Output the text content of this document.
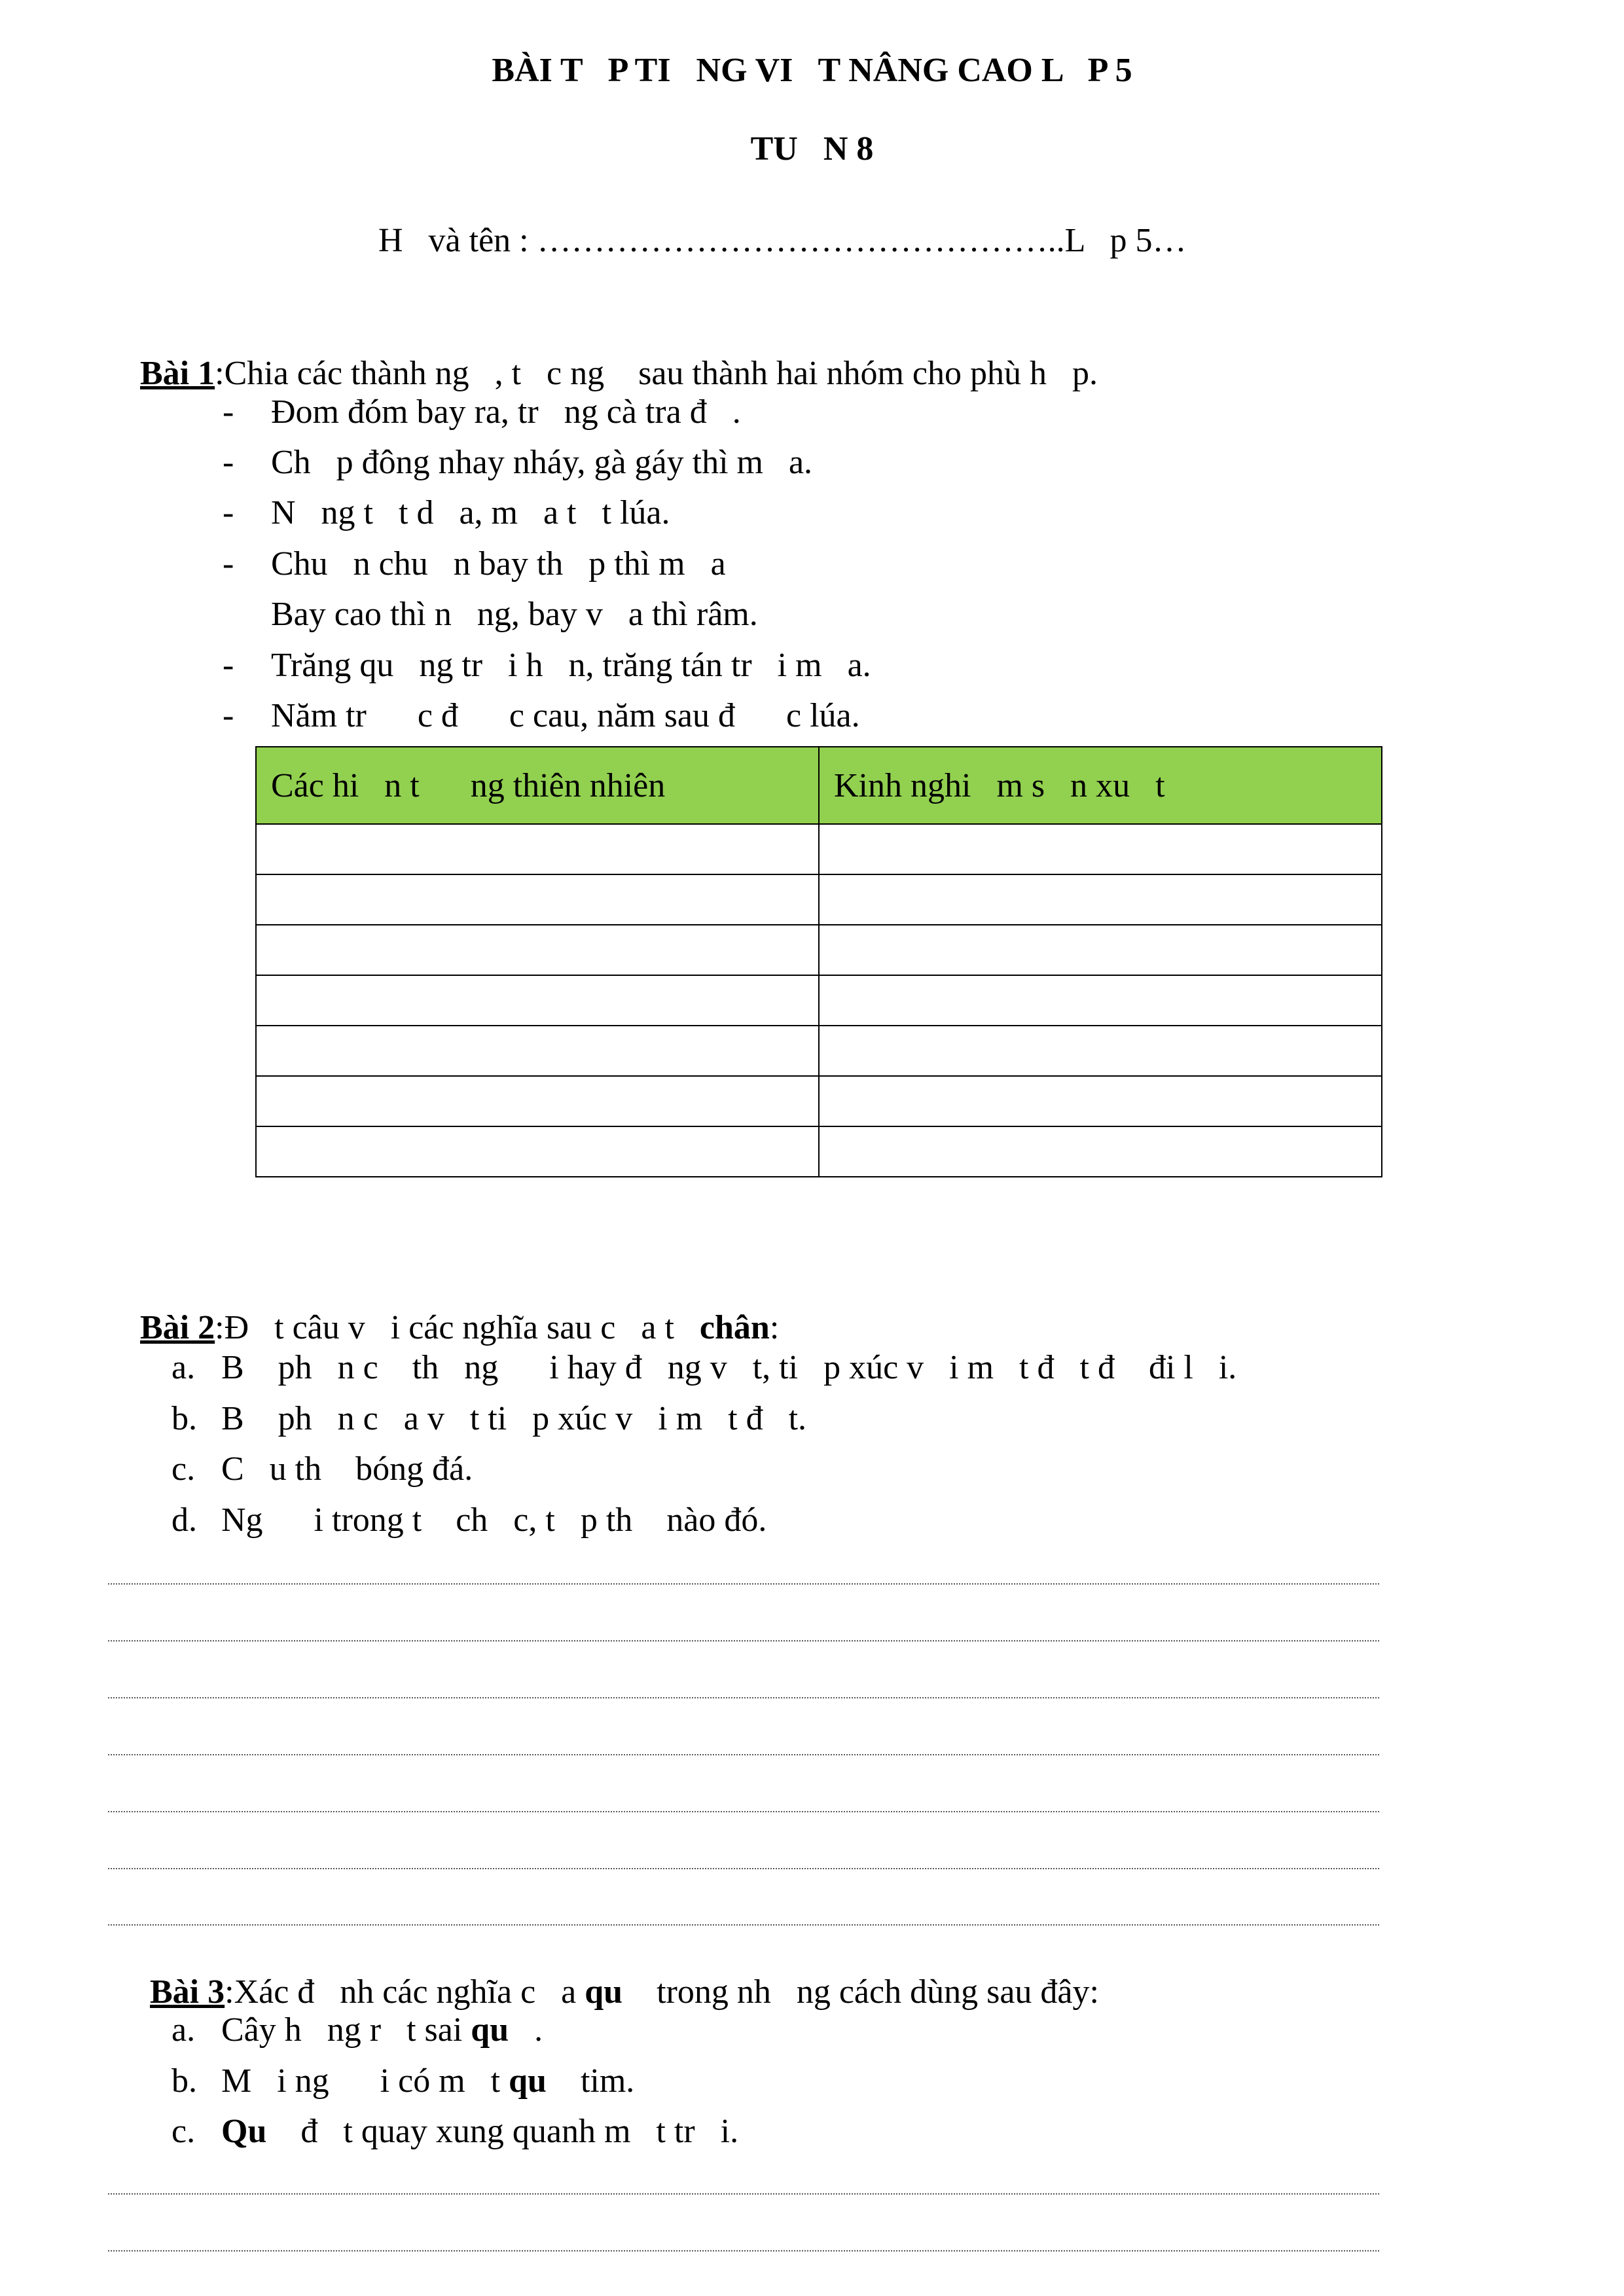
BÀI T   P TI   NG VI   T NÂNG CAO L   P 5
TU   N 8
H   và tên : ………………………………………..L   p 5…

Bài 1:Chia các thành ng   , t   c ng    sau thành hai nhóm cho phù h   p.

- Đom đóm bay ra, tr   ng cà tra đ   .
- Ch   p đông nhay nháy, gà gáy thì m   a.
- N   ng t   t d   a, m   a t   t lúa.
- Chu   n chu   n bay th   p thì m   a
Bay cao thì n   ng, bay v   a thì râm.
- Trăng qu   ng tr   i h   n, trăng tán tr   i m   a.
- Năm tr      c đ      c cau, năm sau đ      c lúa.
Các hi   n t      ng thiên nhiên	Kinh nghi   m s   n xu   t

Bài 2:Đ   t câu v   i các nghĩa sau c   a t   chân:

a. B    ph   n c    th   ng      i hay đ   ng v   t, ti   p xúc v   i m   t đ   t đ    đi l   i.
b. B    ph   n c   a v   t ti   p xúc v   i m   t đ   t.
c. C   u th    bóng đá.
d. Ng      i trong t    ch   c, t   p th    nào đó.

Bài 3:Xác đ   nh các nghĩa c   a qu    trong nh   ng cách dùng sau đây:

a. Cây h   ng r   t sai qu   .
b. M   i ng      i có m   t qu    tim.
c. Qu    đ   t quay xung quanh m   t tr   i.
